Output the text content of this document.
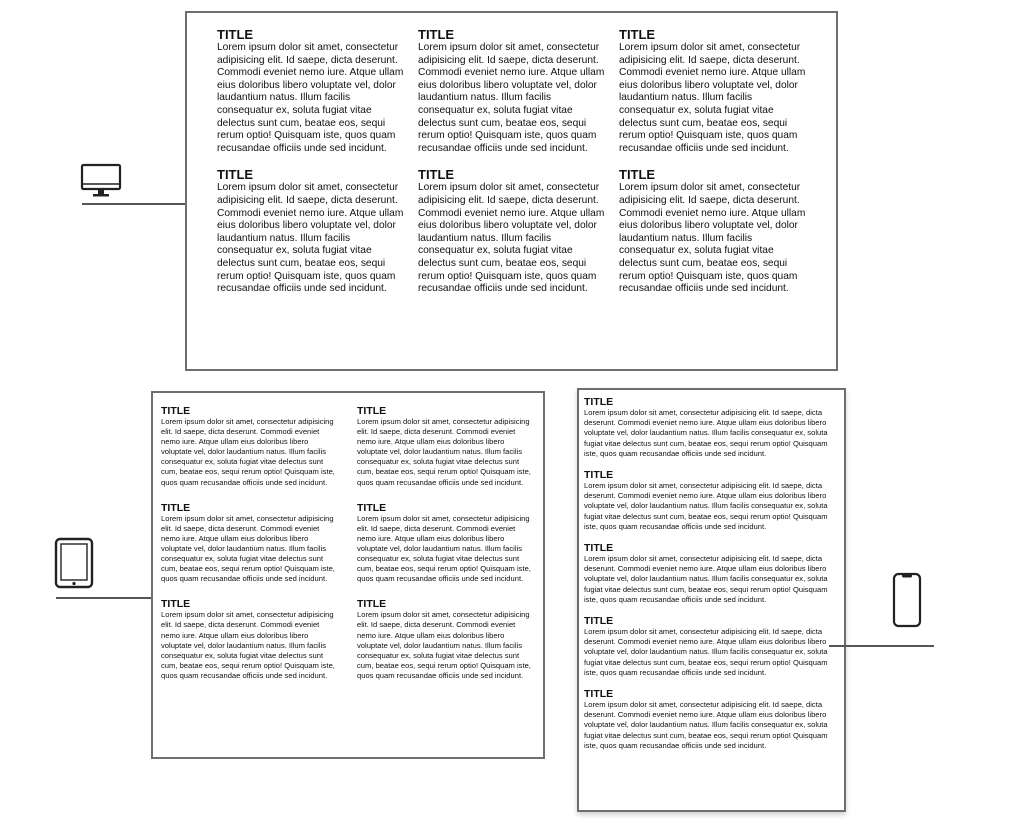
TITLE

Lorem ipsum dolor sit amet, consectetur adipisicing elit. Id saepe, dicta deserunt. Commodi eveniet nemo iure. Atque ullam eius doloribus libero voluptate vel, dolor laudantium natus. Illum facilis consequatur ex, soluta fugiat vitae delectus sunt cum, beatae eos, sequi rerum optio! Quisquam iste, quos quam recusandae officiis unde sed incidunt.

TITLE

Lorem ipsum dolor sit amet, consectetur adipisicing elit. Id saepe, dicta deserunt. Commodi eveniet nemo iure. Atque ullam eius doloribus libero voluptate vel, dolor laudantium natus. Illum facilis consequatur ex, soluta fugiat vitae delectus sunt cum, beatae eos, sequi rerum optio! Quisquam iste, quos quam recusandae officiis unde sed incidunt.

TITLE

Lorem ipsum dolor sit amet, consectetur adipisicing elit. Id saepe, dicta deserunt. Commodi eveniet nemo iure. Atque ullam eius doloribus libero voluptate vel, dolor laudantium natus. Illum facilis consequatur ex, soluta fugiat vitae delectus sunt cum, beatae eos, sequi rerum optio! Quisquam iste, quos quam recusandae officiis unde sed incidunt.

TITLE

Lorem ipsum dolor sit amet, consectetur adipisicing elit. Id saepe, dicta deserunt. Commodi eveniet nemo iure. Atque ullam eius doloribus libero voluptate vel, dolor laudantium natus. Illum facilis consequatur ex, soluta fugiat vitae delectus sunt cum, beatae eos, sequi rerum optio! Quisquam iste, quos quam recusandae officiis unde sed incidunt.

TITLE

Lorem ipsum dolor sit amet, consectetur adipisicing elit. Id saepe, dicta deserunt. Commodi eveniet nemo iure. Atque ullam eius doloribus libero voluptate vel, dolor laudantium natus. Illum facilis consequatur ex, soluta fugiat vitae delectus sunt cum, beatae eos, sequi rerum optio! Quisquam iste, quos quam recusandae officiis unde sed incidunt.

TITLE

Lorem ipsum dolor sit amet, consectetur adipisicing elit. Id saepe, dicta deserunt. Commodi eveniet nemo iure. Atque ullam eius doloribus libero voluptate vel, dolor laudantium natus. Illum facilis consequatur ex, soluta fugiat vitae delectus sunt cum, beatae eos, sequi rerum optio! Quisquam iste, quos quam recusandae officiis unde sed incidunt.

TITLE

Lorem ipsum dolor sit amet, consectetur adipisicing elit. Id saepe, dicta deserunt. Commodi eveniet nemo iure. Atque ullam eius doloribus libero voluptate vel, dolor laudantium natus. Illum facilis consequatur ex, soluta fugiat vitae delectus sunt cum, beatae eos, sequi rerum optio! Quisquam iste, quos quam recusandae officiis unde sed incidunt.

TITLE

Lorem ipsum dolor sit amet, consectetur adipisicing elit. Id saepe, dicta deserunt. Commodi eveniet nemo iure. Atque ullam eius doloribus libero voluptate vel, dolor laudantium natus. Illum facilis consequatur ex, soluta fugiat vitae delectus sunt cum, beatae eos, sequi rerum optio! Quisquam iste, quos quam recusandae officiis unde sed incidunt.

TITLE

Lorem ipsum dolor sit amet, consectetur adipisicing elit. Id saepe, dicta deserunt. Commodi eveniet nemo iure. Atque ullam eius doloribus libero voluptate vel, dolor laudantium natus. Illum facilis consequatur ex, soluta fugiat vitae delectus sunt cum, beatae eos, sequi rerum optio! Quisquam iste, quos quam recusandae officiis unde sed incidunt.

TITLE

Lorem ipsum dolor sit amet, consectetur adipisicing elit. Id saepe, dicta deserunt. Commodi eveniet nemo iure. Atque ullam eius doloribus libero voluptate vel, dolor laudantium natus. Illum facilis consequatur ex, soluta fugiat vitae delectus sunt cum, beatae eos, sequi rerum optio! Quisquam iste, quos quam recusandae officiis unde sed incidunt.

TITLE

Lorem ipsum dolor sit amet, consectetur adipisicing elit. Id saepe, dicta deserunt. Commodi eveniet nemo iure. Atque ullam eius doloribus libero voluptate vel, dolor laudantium natus. Illum facilis consequatur ex, soluta fugiat vitae delectus sunt cum, beatae eos, sequi rerum optio! Quisquam iste, quos quam recusandae officiis unde sed incidunt.

TITLE

Lorem ipsum dolor sit amet, consectetur adipisicing elit. Id saepe, dicta deserunt. Commodi eveniet nemo iure. Atque ullam eius doloribus libero voluptate vel, dolor laudantium natus. Illum facilis consequatur ex, soluta fugiat vitae delectus sunt cum, beatae eos, sequi rerum optio! Quisquam iste, quos quam recusandae officiis unde sed incidunt.

TITLE

Lorem ipsum dolor sit amet, consectetur adipisicing elit. Id saepe, dicta deserunt. Commodi eveniet nemo iure. Atque ullam eius doloribus libero voluptate vel, dolor laudantium natus. Illum facilis consequatur ex, soluta fugiat vitae delectus sunt cum, beatae eos, sequi rerum optio! Quisquam iste, quos quam recusandae officiis unde sed incidunt.

TITLE

Lorem ipsum dolor sit amet, consectetur adipisicing elit. Id saepe, dicta deserunt. Commodi eveniet nemo iure. Atque ullam eius doloribus libero voluptate vel, dolor laudantium natus. Illum facilis consequatur ex, soluta fugiat vitae delectus sunt cum, beatae eos, sequi rerum optio! Quisquam iste, quos quam recusandae officiis unde sed incidunt.

TITLE

Lorem ipsum dolor sit amet, consectetur adipisicing elit. Id saepe, dicta deserunt. Commodi eveniet nemo iure. Atque ullam eius doloribus libero voluptate vel, dolor laudantium natus. Illum facilis consequatur ex, soluta fugiat vitae delectus sunt cum, beatae eos, sequi rerum optio! Quisquam iste, quos quam recusandae officiis unde sed incidunt.

TITLE

Lorem ipsum dolor sit amet, consectetur adipisicing elit. Id saepe, dicta deserunt. Commodi eveniet nemo iure. Atque ullam eius doloribus libero voluptate vel, dolor laudantium natus. Illum facilis consequatur ex, soluta fugiat vitae delectus sunt cum, beatae eos, sequi rerum optio! Quisquam iste, quos quam recusandae officiis unde sed incidunt.

TITLE

Lorem ipsum dolor sit amet, consectetur adipisicing elit. Id saepe, dicta deserunt. Commodi eveniet nemo iure. Atque ullam eius doloribus libero voluptate vel, dolor laudantium natus. Illum facilis consequatur ex, soluta fugiat vitae delectus sunt cum, beatae eos, sequi rerum optio! Quisquam iste, quos quam recusandae officiis unde sed incidunt.
